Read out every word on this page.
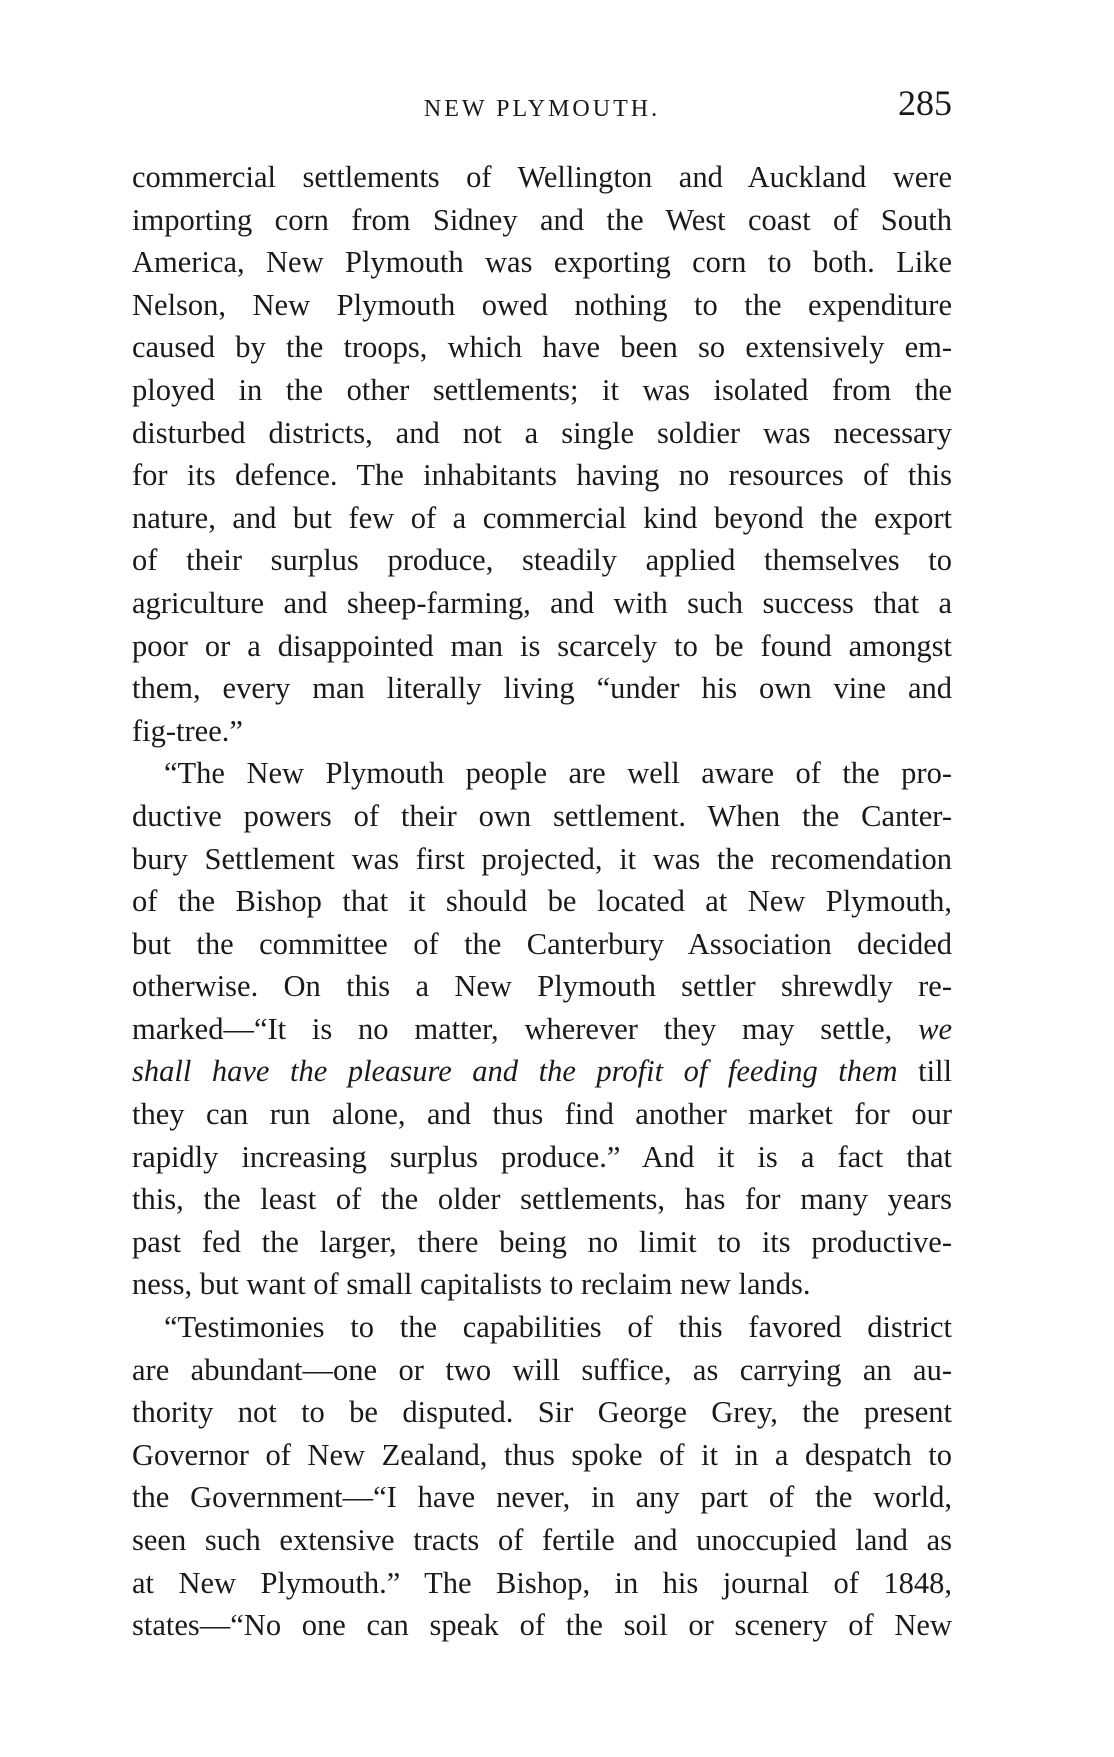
NEW PLYMOUTH.	285
commercial settlements of Wellington and Auckland were
importing corn from Sidney and the West coast of South
America, New Plymouth was exporting corn to both. Like
Nelson, New Plymouth owed nothing to the expenditure
caused by the troops, which have been so extensively em-
ployed in the other settlements; it was isolated from the
disturbed districts, and not a single soldier was necessary
for its defence. The inhabitants having no resources of this
nature, and but few of a commercial kind beyond the export
of their surplus produce, steadily applied themselves to
agriculture and sheep-farming, and with such success that a
poor or a disappointed man is scarcely to be found amongst
them, every man literally living “under his own vine and
fig-tree.”
“The New Plymouth people are well aware of the pro-
ductive powers of their own settlement. When the Canter-
bury Settlement was first projected, it was the recomendation
of the Bishop that it should be located at New Plymouth,
but the committee of the Canterbury Association decided
otherwise. On this a New Plymouth settler shrewdly re-
marked—“It is no matter, wherever they may settle, we
shall have the pleasure and the profit of feeding them till
they can run alone, and thus find another market for our
rapidly increasing surplus produce.” And it is a fact that
this, the least of the older settlements, has for many years
past fed the larger, there being no limit to its productive-
ness, but want of small capitalists to reclaim new lands.
“Testimonies to the capabilities of this favored district
are abundant—one or two will suffice, as carrying an au-
thority not to be disputed. Sir George Grey, the present
Governor of New Zealand, thus spoke of it in a despatch to
the Government—“I have never, in any part of the world,
seen such extensive tracts of fertile and unoccupied land as
at New Plymouth.” The Bishop, in his journal of 1848,
states—“No one can speak of the soil or scenery of New
